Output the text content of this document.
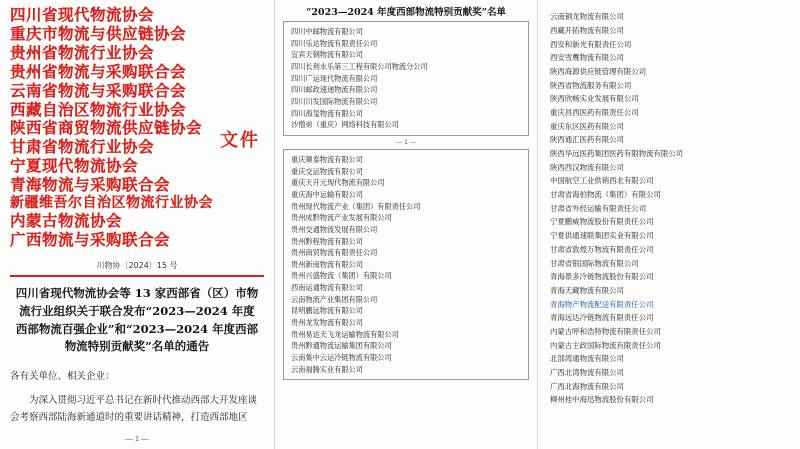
四川省现代物流协会
重庆市物流与供应链协会
贵州省物流行业协会
贵州省物流与采购联合会
云南省物流与采购联合会
西藏自治区物流行业协会
陕西省商贸物流供应链协会
甘肃省物流行业协会
宁夏现代物流协会
青海物流与采购联合会
新疆维吾尔自治区物流行业协会
内蒙古物流协会
广西物流与采购联合会
文件
川物协〔2024〕15 号
四川省现代物流协会等 13 家西部省（区）市物流行业组织关于联合发布“2023—2024 年度西部物流百强企业”和“2023—2024 年度西部物流特别贡献奖”名单的通告

各有关单位、相关企业：

为深入贯彻习近平总书记在新时代推动西部大开发座谈会考察西部陆海新通道时的重要讲话精神，打造西部地区

— 1 —
“2023—2024 年度西部物流特别贡献奖”名单
四川中邮物流有限公司
四川乐达物流有限责任公司
宜宾天钢物流有限公司
四川长利永乐第三工程有限公司物流分公司
四川广运现代物流有限公司
四川邮政速递物流有限公司
四川川发国际物流有限公司
四川海玺物流有限公司
沙僧弟（重庆）网络科技有限公司
— 1 —
重庆顺泰物流有限公司
重庆交运物流有限公司
重庆天开元现代物流有限公司
重庆海中运输有限公司
贵州现代物流产业（集团）有限责任公司
贵州成黔物流产业发展有限公司
贵州交通物流发展有限公司
贵州黔程物流有限公司
贵州商贸物流有限责任公司
贵州新南物流有限公司
贵州兴盛物流（集团）有限公司
西南运通物流有限公司
云南物流产业集团有限公司
昆明鹏远物流有限公司
贵州龙发物流有限公司
贵州易达天飞龙运输物流有限公司
贵州黔通物流运输集团有限公司
云南集中云运冷链物流有限公司
云南福腾实业有限公司
云南铜龙物流有限公司
西藏开拓物流有限公司
西安和新光有限责任公司
西安雪鹰物流有限公司
陕西海源供应链管理有限公司
陕西省物流服务有限公司
陕西欣畅实业发展有限公司
重庆昌西医药有限责任公司
重庆东区医药有限公司
陕西通汇医药有限公司
陕西华远医药集团医药有限物流有限公司
陕西西汉物流有限公司
中国航空工业供销西北有限公司
甘肃省海伯物流（集团）有限公司
甘肃省外经运输有限责任公司
宁夏鹏威物流股份有限责任公司
宁夏供通速联集团实业有限公司
甘肃省敦煌万物流有限责任公司
甘肃省银国际物流有限公司
青海景多冷链物流股份有限公司
青海天藏物流有限公司
青海物产物流配送有限责任公司
青海远达冷链物流有限责任公司
内蒙古呼和浩特物流有限责任公司
内蒙古主政国际物流有限责任公司
北部湾通物流有限公司
广西北湾物流有限公司
广西北海物流有限公司
柳州桂中海迅物流股份有限公司
